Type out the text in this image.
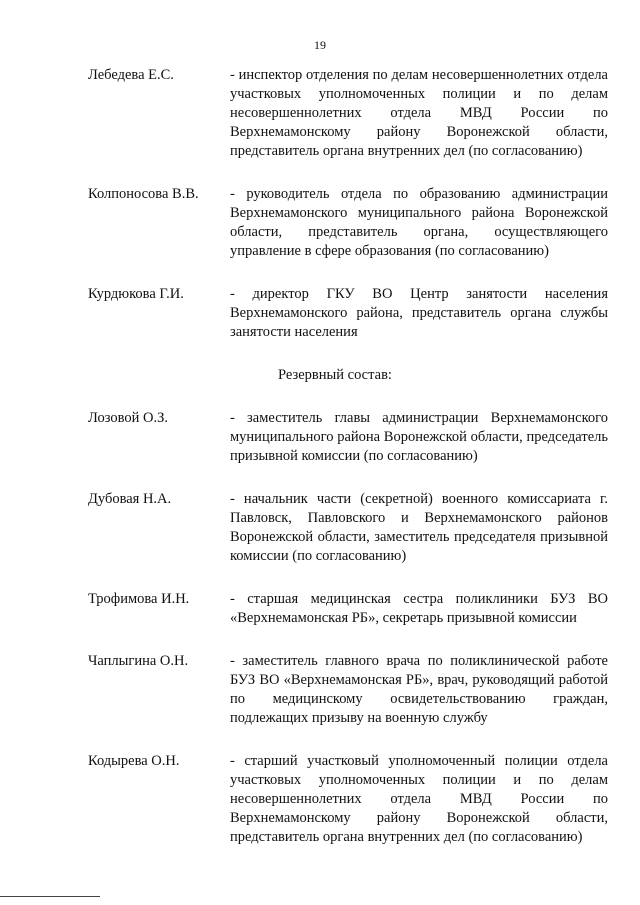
19
Лебедева Е.С.	- инспектор отделения по делам несовершеннолетних отдела участковых уполномоченных полиции и по делам несовершеннолетних отдела МВД России по Верхнемамонскому району Воронежской области, представитель органа внутренних дел (по согласованию)
Колпоносова В.В.	- руководитель отдела по образованию администрации Верхнемамонского муниципального района Воронежской области, представитель органа, осуществляющего управление в сфере образования (по согласованию)
Курдюкова Г.И.	- директор ГКУ ВО Центр занятости населения Верхнемамонского района, представитель органа службы занятости населения
Резервный состав:
Лозовой О.З.	- заместитель главы администрации Верхнемамонского муниципального района Воронежской области, председатель призывной комиссии (по согласованию)
Дубовая Н.А.	- начальник части (секретной) военного комиссариата г. Павловск, Павловского и Верхнемамонского районов Воронежской области, заместитель председателя призывной комиссии (по согласованию)
Трофимова И.Н.	- старшая медицинская сестра поликлиники БУЗ ВО «Верхнемамонская РБ», секретарь призывной комиссии
Чаплыгина О.Н.	- заместитель главного врача по поликлинической работе БУЗ ВО «Верхнемамонская РБ», врач, руководящий работой по медицинскому освидетельствованию граждан, подлежащих призыву на военную службу
Кодырева О.Н.	- старший участковый уполномоченный полиции отдела участковых уполномоченных полиции и по делам несовершеннолетних отдела МВД России по Верхнемамонскому району Воронежской области, представитель органа внутренних дел (по согласованию)
